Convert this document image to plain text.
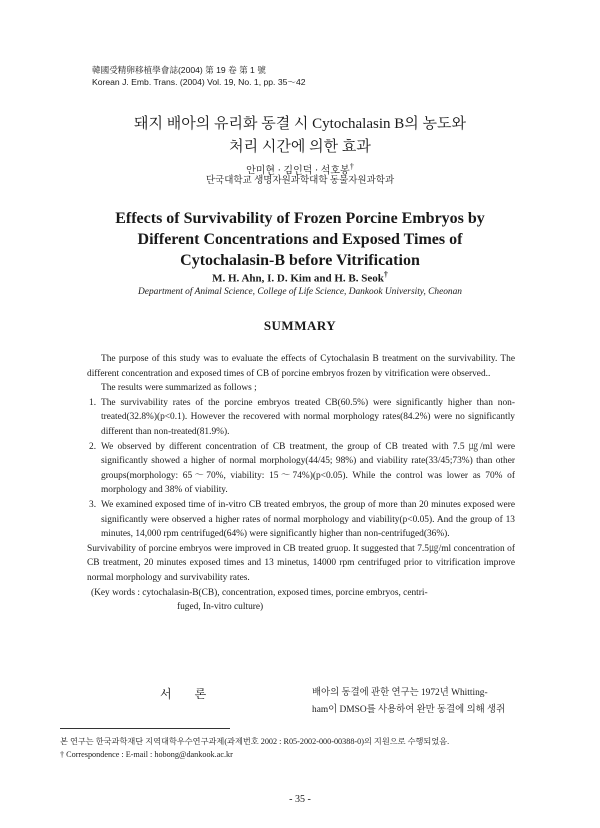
韓國受精卵移植學會誌(2004) 第 19 卷 第 1 號
Korean J. Emb. Trans. (2004) Vol. 19, No. 1, pp. 35～42
돼지 배아의 유리화 동결 시 Cytochalasin B의 농도와
처리 시간에 의한 효과
안미현 · 김인덕 · 석호봉†
단국대학교 생명자원과학대학 동물자원과학과
Effects of Survivability of Frozen Porcine Embryos by
Different Concentrations and Exposed Times of
Cytochalasin-B before Vitrification
M. H. Ahn, I. D. Kim and H. B. Seok†
Department of Animal Science, College of Life Science, Dankook University, Cheonan
SUMMARY

The purpose of this study was to evaluate the effects of Cytochalasin B treatment on the survivability. The different concentration and exposed times of CB of porcine embryos frozen by vitrification were observed..

The results were summarized as follows ;

1. The survivability rates of the porcine embryos treated CB(60.5%) were significantly higher than non-treated(32.8%)(p<0.1). However the recovered with normal morphology rates(84.2%) were no significantly different than non-treated(81.9%).
2. We observed by different concentration of CB treatment, the group of CB treated with 7.5 ㎍/ml were significantly showed a higher of normal morphology(44/45; 98%) and viability rate(33/45;73%) than other groups(morphology: 65～70%, viability: 15～74%)(p<0.05). While the control was lower as 70% of morphology and 38% of viability.
3. We examined exposed time of in-vitro CB treated embryos, the group of more than 20 minutes exposed were significantly were observed a higher rates of normal morphology and viability(p<0.05). And the group of 13 minutes, 14,000 rpm centrifuged(64%) were significantly higher than non-centrifuged(36%).

Survivability of porcine embryos were improved in CB treated gruop. It suggested that 7.5㎍/ml concentration of CB treatment, 20 minutes exposed times and 13 minetus, 14000 rpm centrifuged prior to vitrification improve normal morphology and survivability rates.

(Key words : cytochalasin-B(CB), concentration, exposed times, porcine embryos, centri-

fuged, In-vitro culture)

서 론	배아의 동결에 관한 연구는 1972년 Whitting-
ham이 DMSO를 사용하여 완만 동결에 의해 생쥐

본 연구는 한국과학재단 지역대학우수연구과제(과제번호 2002 : R05-2002-000-00388-0)의 지원으로 수행되었음.

† Correspondence : E-mail : hobong@dankook.ac.kr

- 35 -
